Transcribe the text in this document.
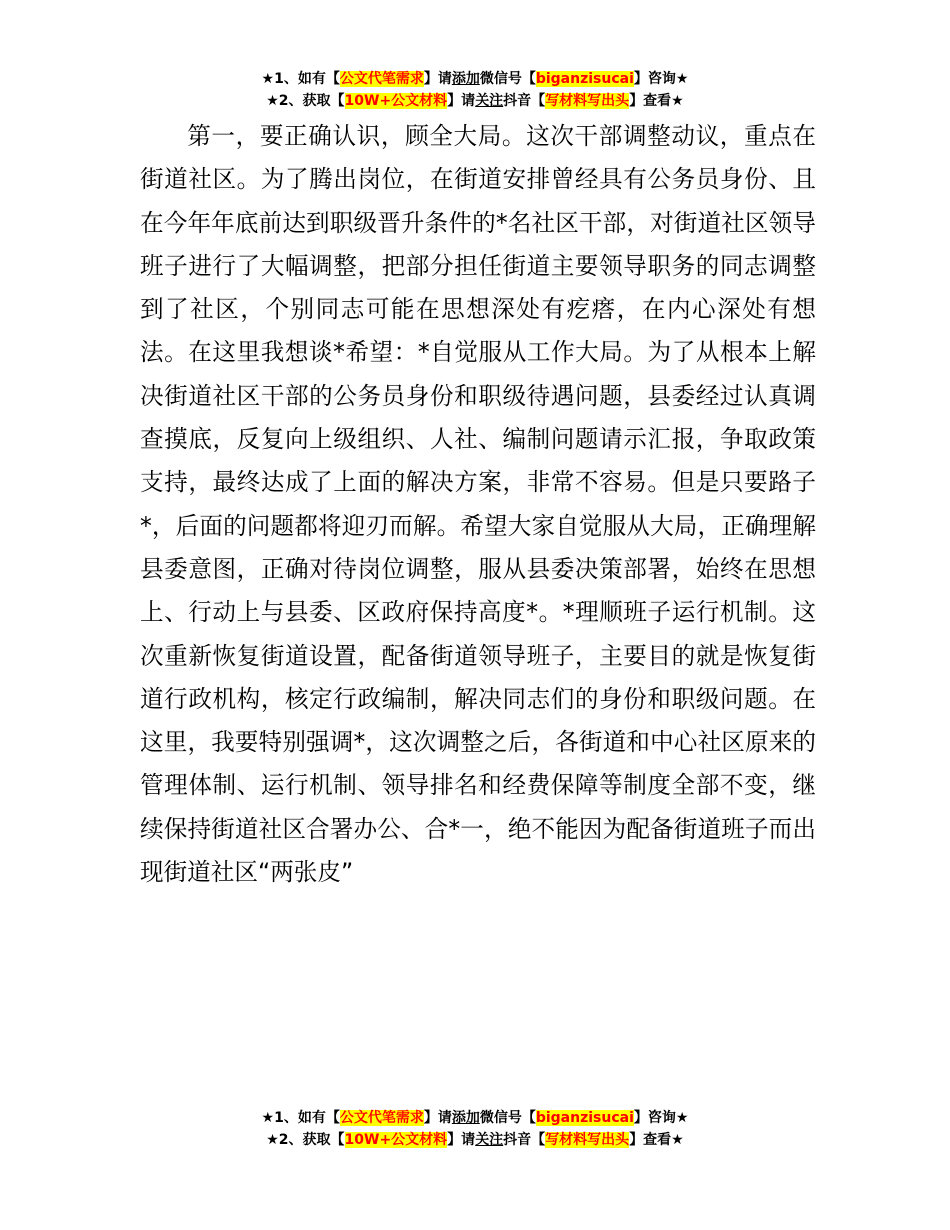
★1、如有【公文代笔需求】请添加微信号【biganzisucai】咨询★
★2、获取【10W+公文材料】请关注抖音【写材料写出头】查看★

第一，要正确认识，顾全大局。这次干部调整动议，重点在街道社区。为了腾出岗位，在街道安排曾经具有公务员身份、且在今年年底前达到职级晋升条件的*名社区干部，对街道社区领导班子进行了大幅调整，把部分担任街道主要领导职务的同志调整到了社区，个别同志可能在思想深处有疙瘩，在内心深处有想法。在这里我想谈*希望：*自觉服从工作大局。为了从根本上解决街道社区干部的公务员身份和职级待遇问题，县委经过认真调查摸底，反复向上级组织、人社、编制问题请示汇报，争取政策支持，最终达成了上面的解决方案，非常不容易。但是只要路子*，后面的问题都将迎刃而解。希望大家自觉服从大局，正确理解县委意图，正确对待岗位调整，服从县委决策部署，始终在思想上、行动上与县委、区政府保持高度*。*理顺班子运行机制。这次重新恢复街道设置，配备街道领导班子，主要目的就是恢复街道行政机构，核定行政编制，解决同志们的身份和职级问题。在这里，我要特别强调*，这次调整之后，各街道和中心社区原来的管理体制、运行机制、领导排名和经费保障等制度全部不变，继续保持街道社区合署办公、合*一，绝不能因为配备街道班子而出现街道社区“两张皮”

★1、如有【公文代笔需求】请添加微信号【biganzisucai】咨询★
★2、获取【10W+公文材料】请关注抖音【写材料写出头】查看★
